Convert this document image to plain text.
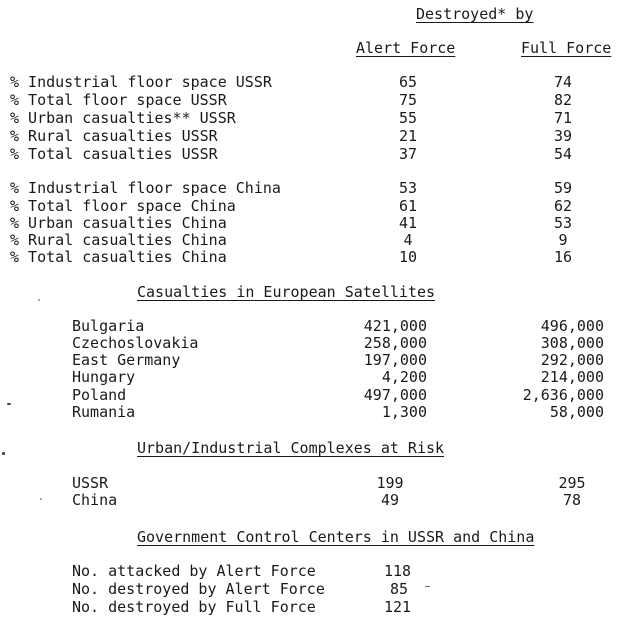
Destroyed* by
Alert Force	Full Force
% Industrial floor space USSR	65	74
% Total floor space USSR	75	82
% Urban casualties** USSR	55	71
% Rural casualties USSR	21	39
% Total casualties USSR	37	54
% Industrial floor space China	53	59
% Total floor space China	61	62
% Urban casualties China	41	53
% Rural casualties China	4	9
% Total casualties China	10	16
Casualties in European Satellites
Bulgaria	421,000	496,000
Czechoslovakia	258,000	308,000
East Germany	197,000	292,000
Hungary	4,200	214,000
Poland	497,000	2,636,000
Rumania	1,300	58,000
Urban/Industrial Complexes at Risk
USSR	199	295
China	49	78
Government Control Centers in USSR and China
No. attacked by Alert Force	118
No. destroyed by Alert Force	85
No. destroyed by Full Force	121
